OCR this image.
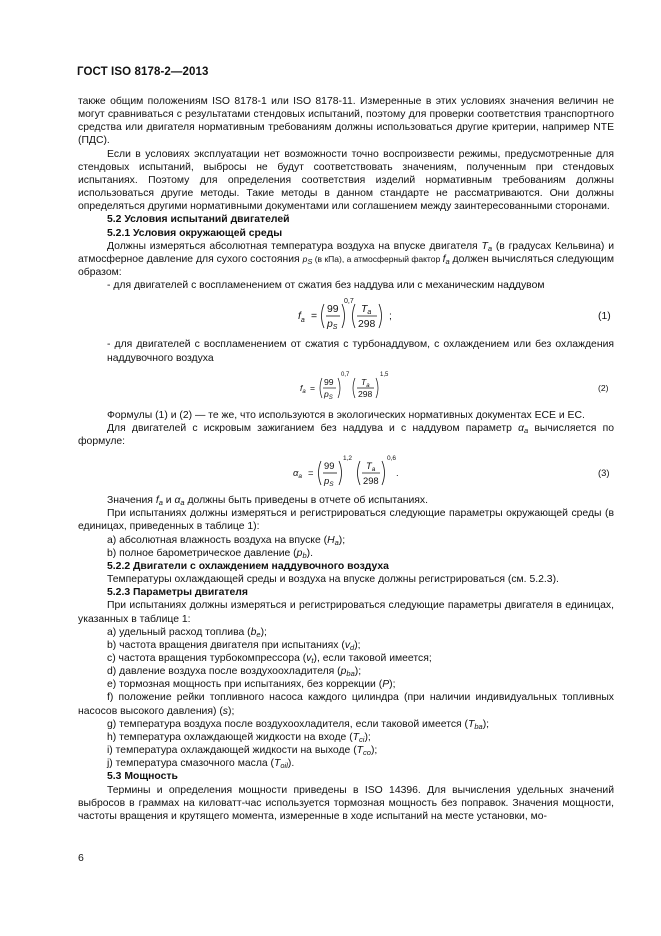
ГОСТ ISO 8178-2—2013

также общим положениям ISO 8178-1 или ISO 8178-11. Измеренные в этих условиях значения величин не могут сравниваться с результатами стендовых испытаний, поэтому для проверки соответствия транспортного средства или двигателя нормативным требованиям должны использоваться другие критерии, например NTE (ПДС).

Если в условиях эксплуатации нет возможности точно воспроизвести режимы, предусмотренные для стендовых испытаний, выбросы не будут соответствовать значениям, полученным при стендовых испытаниях. Поэтому для определения соответствия изделий нормативным требованиям должны использоваться другие методы. Такие методы в данном стандарте не рассматриваются. Они должны определяться другими нормативными документами или соглашением между заинтересованными сторонами.

5.2 Условия испытаний двигателей

5.2.1 Условия окружающей среды

Должны измеряться абсолютная температура воздуха на впуске двигателя $T_a$ (в градусах Кельвина) и атмосферное давление для сухого состояния $p_S$ (в кПа), а атмосферный фактор $f_a$ должен вычисляться следующим образом:

- для двигателей с воспламенением от сжатия без наддува или с механическим наддувом

$f_a$ =
99
pS
Ta
298
0,7
;	(1)

- для двигателей с воспламенением от сжатия с турбонаддувом, с охлаждением или без охлаждения наддувочного воздуха

$f_a$ =
99
$p_S$
0,7
$T_a$
298
1,5
(2)

Формулы (1) и (2) — те же, что используются в экологических нормативных документах ЕСЕ и ЕС.

Для двигателей с искровым зажиганием без наддува и с наддувом параметр $\alpha_a$ вычисляется по формуле:

$\alpha_a$ =
99
$p_S$
1,2
$T_a$
298
0,6
.	(3)

Значения $f_a$ и $\alpha_a$ должны быть приведены в отчете об испытаниях.

При испытаниях должны измеряться и регистрироваться следующие параметры окружающей среды (в единицах, приведенных в таблице 1):

а) абсолютная влажность воздуха на впуске $(H_a)$;

b) полное барометрическое давление $(p_b)$.

5.2.2 Двигатели с охлаждением наддувочного воздуха

Температуры охлаждающей среды и воздуха на впуске должны регистрироваться (см. 5.2.3).

5.2.3 Параметры двигателя

При испытаниях должны измеряться и регистрироваться следующие параметры двигателя в единицах, указанных в таблице 1:

а) удельный расход топлива $(b_e)$;

b) частота вращения двигателя при испытаниях $(v_d)$;

c) частота вращения турбокомпрессора $(v_t)$, если таковой имеется;

d) давление воздуха после воздухоохладителя $(p_{ba})$;

е) тормозная мощность при испытаниях, без коррекции (P);

f) положение рейки топливного насоса каждого цилиндра (при наличии индивидуальных топливных насосов высокого давления) (s);

g) температура воздуха после воздухоохладителя, если таковой имеется $(T_{ba})$;

h) температура охлаждающей жидкости на входе $(T_{ci})$;

i) температура охлаждающей жидкости на выходе $(T_{co})$;

j) температура смазочного масла $(T_{oil})$.

5.3 Мощность

Термины и определения мощности приведены в ISO 14396. Для вычисления удельных значений выбросов в граммах на киловатт-час используется тормозная мощность без поправок. Значения мощности, частоты вращения и крутящего момента, измеренные в ходе испытаний на месте установки, мо-

6
